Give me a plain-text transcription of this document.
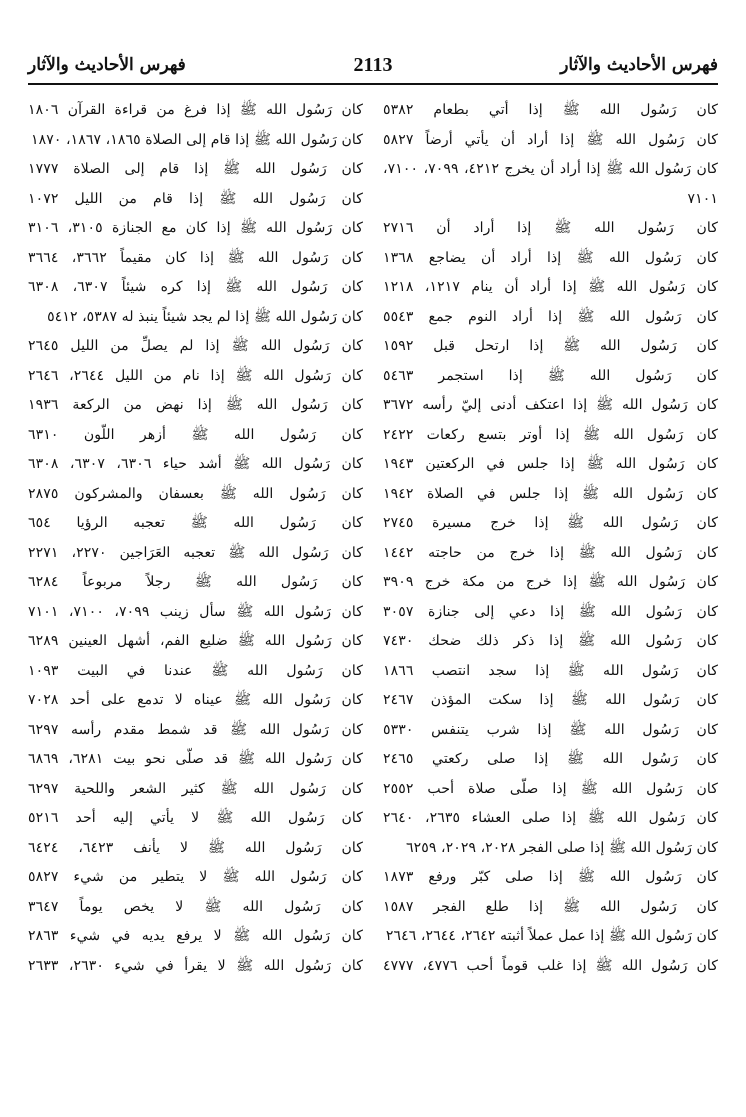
فهرس الأحاديث والآثار	2113	فهرس الأحاديث والآثار
كان رَسُول الله ﷺ إذا أتي بطعام ٥٣٨٢
كان رَسُول الله ﷺ إذا أراد أن يأتي أرضاً ٥٨٢٧
كان رَسُول الله ﷺ إذا أراد أن يخرج ٤٢١٢، ٧٠٩٩، ٧١٠٠، ٧١٠١
كان رَسُول الله ﷺ إذا أراد أن ٢٧١٦
كان رَسُول الله ﷺ إذا أراد أن يضاجع ١٣٦٨
كان رَسُول الله ﷺ إذا أراد أن ينام ١٢١٧، ١٢١٨
كان رَسُول الله ﷺ إذا أراد النوم جمع ٥٥٤٣
كان رَسُول الله ﷺ إذا ارتحل قبل ١٥٩٢
كان رَسُول الله ﷺ إذا استجمر ٥٤٦٣
كان رَسُول الله ﷺ إذا اعتكف أدنى إليّ رأسه ٣٦٧٢
كان رَسُول الله ﷺ إذا أوتر بتسع ركعات ٢٤٢٢
كان رَسُول الله ﷺ إذا جلس في الركعتين ١٩٤٣
كان رَسُول الله ﷺ إذا جلس في الصلاة ١٩٤٢
كان رَسُول الله ﷺ إذا خرج مسيرة ٢٧٤٥
كان رَسُول الله ﷺ إذا خرج من حاجته ١٤٤٢
كان رَسُول الله ﷺ إذا خرج من مكة خرج ٣٩٠٩
كان رَسُول الله ﷺ إذا دعي إلى جنازة ٣٠٥٧
كان رَسُول الله ﷺ إذا ذكر ذلك ضحك ٧٤٣٠
كان رَسُول الله ﷺ إذا سجد انتصب ١٨٦٦
كان رَسُول الله ﷺ إذا سكت المؤذن ٢٤٦٧
كان رَسُول الله ﷺ إذا شرب يتنفس ٥٣٣٠
كان رَسُول الله ﷺ إذا صلى ركعتي ٢٤٦٥
كان رَسُول الله ﷺ إذا صلّى صلاة أحب ٢٥٥٢
كان رَسُول الله ﷺ إذا صلى العشاء ٢٦٣٥، ٢٦٤٠
كان رَسُول الله ﷺ إذا صلى الفجر ٢٠٢٨، ٢٠٢٩، ٦٢٥٩
كان رَسُول الله ﷺ إذا صلى كبّر ورفع ١٨٧٣
كان رَسُول الله ﷺ إذا طلع الفجر ١٥٨٧
كان رَسُول الله ﷺ إذا عمل عملاً أثبته ٢٦٤٢، ٢٦٤٤، ٢٦٤٦
كان رَسُول الله ﷺ إذا غلب قوماً أحب ٤٧٧٦، ٤٧٧٧
كان رَسُول الله ﷺ إذا فرغ من قراءة القرآن ١٨٠٦
كان رَسُول الله ﷺ إذا قام إلى الصلاة ١٨٦٥، ١٨٦٧، ١٨٧٠
كان رَسُول الله ﷺ إذا قام إلى الصلاة ١٧٧٧
كان رَسُول الله ﷺ إذا قام من الليل ١٠٧٢
كان رَسُول الله ﷺ إذا كان مع الجنازة ٣١٠٥، ٣١٠٦
كان رَسُول الله ﷺ إذا كان مقيماً ٣٦٦٢، ٣٦٦٤
كان رَسُول الله ﷺ إذا كره شيئاً ٦٣٠٧، ٦٣٠٨
كان رَسُول الله ﷺ إذا لم يجد شيئاً ينبذ له ٥٣٨٧، ٥٤١٢
كان رَسُول الله ﷺ إذا لم يصلِّ من الليل ٢٦٤٥
كان رَسُول الله ﷺ إذا نام من الليل ٢٦٤٤، ٢٦٤٦
كان رَسُول الله ﷺ إذا نهض من الركعة ١٩٣٦
كان رَسُول الله ﷺ أزهر اللّون ٦٣١٠
كان رَسُول الله ﷺ أشد حياء ٦٣٠٦، ٦٣٠٧، ٦٣٠٨
كان رَسُول الله ﷺ بعسفان والمشركون ٢٨٧٥
كان رَسُول الله ﷺ تعجبه الرؤيا ٦٥٤
كان رَسُول الله ﷺ تعجبه العَرَاجين ٢٢٧٠، ٢٢٧١
كان رَسُول الله ﷺ رجلاً مربوعاً ٦٢٨٤
كان رَسُول الله ﷺ سأل زينب ٧٠٩٩، ٧١٠٠، ٧١٠١
كان رَسُول الله ﷺ ضليع الفم، أشهل العينين ٦٢٨٩
كان رَسُول الله ﷺ عندنا في البيت ١٠٩٣
كان رَسُول الله ﷺ عيناه لا تدمع على أحد ٧٠٢٨
كان رَسُول الله ﷺ قد شمط مقدم رأسه ٦٢٩٧
كان رَسُول الله ﷺ قد صلّى نحو بيت ٦٢٨١، ٦٨٦٩
كان رَسُول الله ﷺ كثير الشعر واللحية ٦٢٩٧
كان رَسُول الله ﷺ لا يأتي إليه أحد ٥٢١٦
كان رَسُول الله ﷺ لا يأنف ٦٤٢٣، ٦٤٢٤
كان رَسُول الله ﷺ لا يتطير من شيء ٥٨٢٧
كان رَسُول الله ﷺ لا يخص يوماً ٣٦٤٧
كان رَسُول الله ﷺ لا يرفع يديه في شيء ٢٨٦٣
كان رَسُول الله ﷺ لا يقرأ في شيء ٢٦٣٠، ٢٦٣٣
